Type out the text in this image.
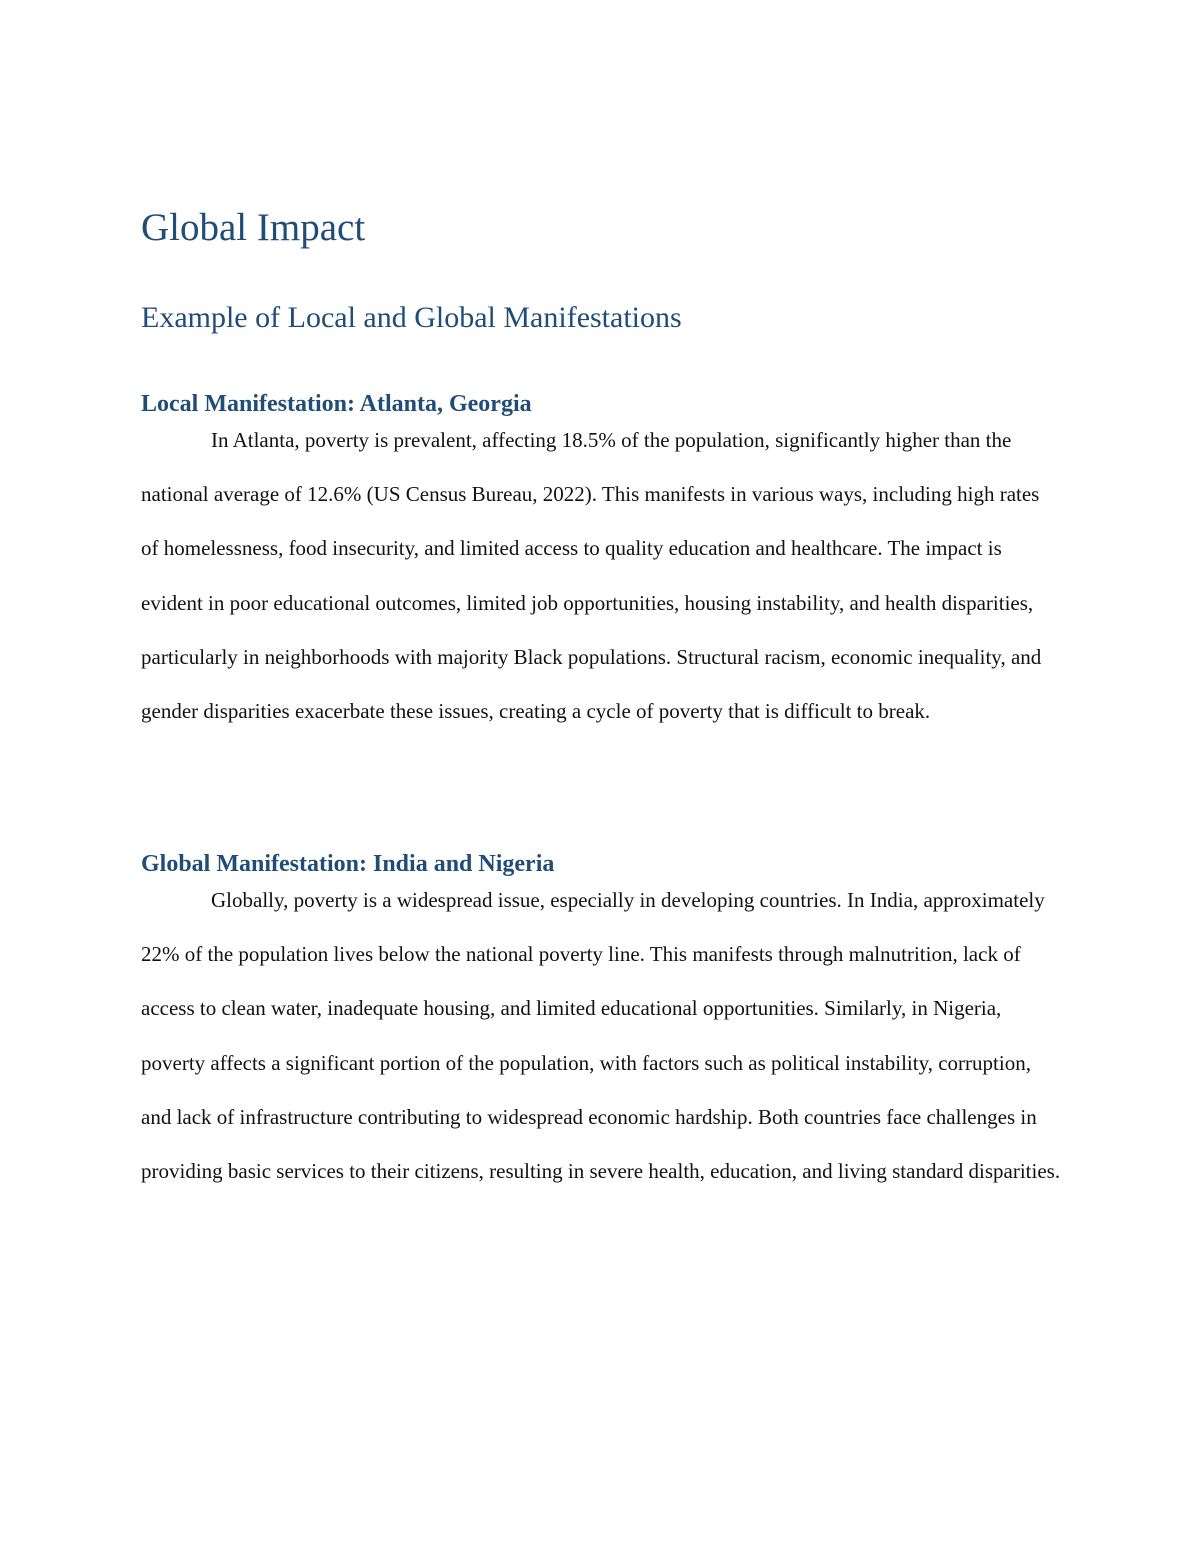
Global Impact
Example of Local and Global Manifestations
Local Manifestation: Atlanta, Georgia

In Atlanta, poverty is prevalent, affecting 18.5% of the population, significantly higher than the national average of 12.6% (US Census Bureau, 2022). This manifests in various ways, including high rates of homelessness, food insecurity, and limited access to quality education and healthcare. The impact is evident in poor educational outcomes, limited job opportunities, housing instability, and health disparities, particularly in neighborhoods with majority Black populations. Structural racism, economic inequality, and gender disparities exacerbate these issues, creating a cycle of poverty that is difficult to break.

Global Manifestation: India and Nigeria

Globally, poverty is a widespread issue, especially in developing countries. In India, approximately 22% of the population lives below the national poverty line. This manifests through malnutrition, lack of access to clean water, inadequate housing, and limited educational opportunities. Similarly, in Nigeria, poverty affects a significant portion of the population, with factors such as political instability, corruption, and lack of infrastructure contributing to widespread economic hardship. Both countries face challenges in providing basic services to their citizens, resulting in severe health, education, and living standard disparities.
